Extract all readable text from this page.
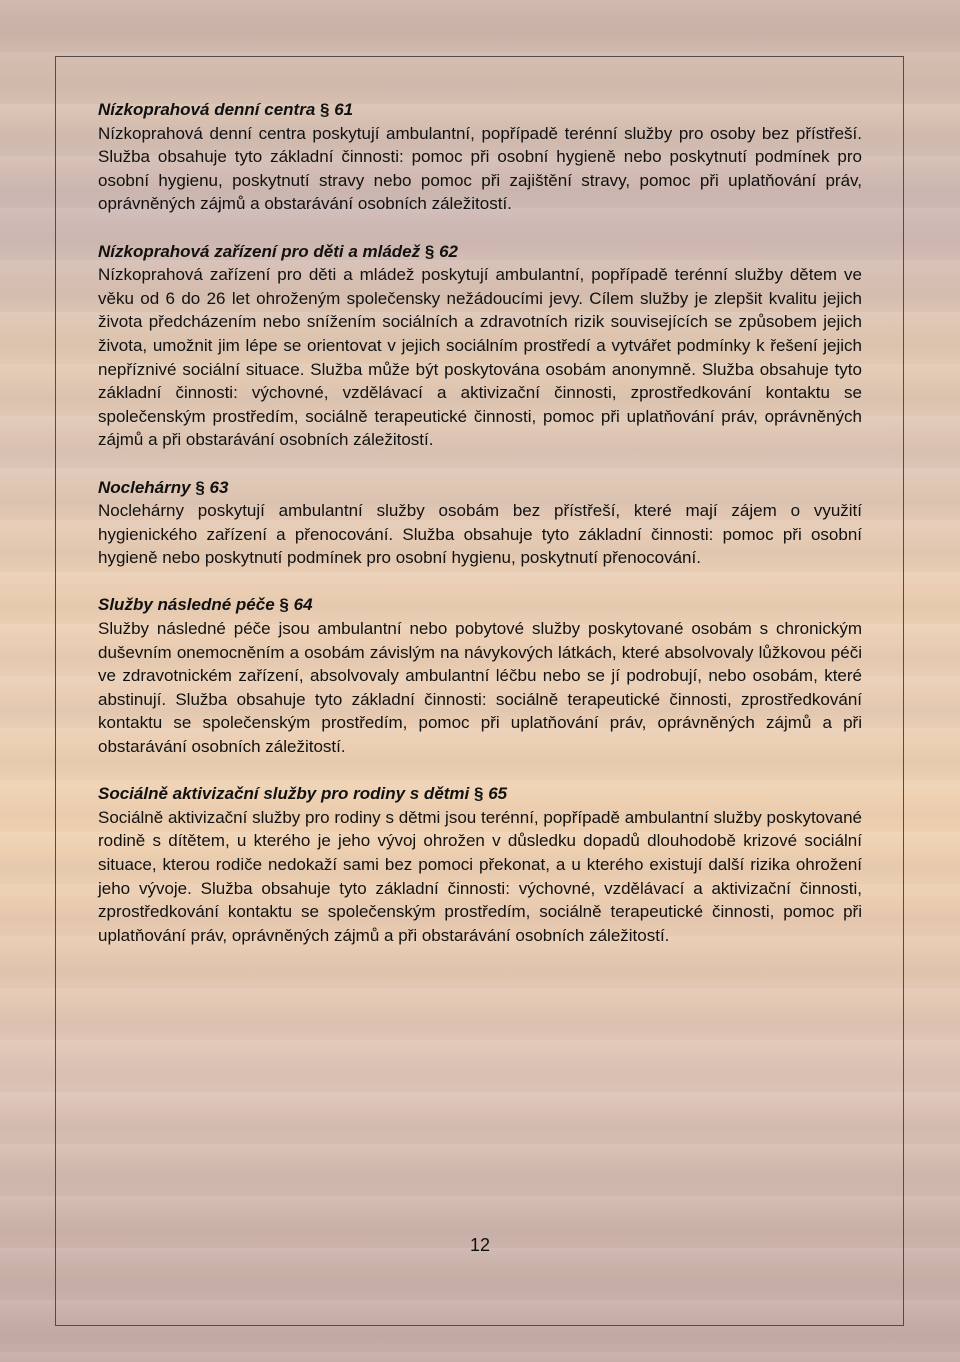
Nízkoprahová denní centra § 61

Nízkoprahová denní centra poskytují ambulantní, popřípadě terénní služby pro osoby bez přístřeší. Služba obsahuje tyto základní činnosti: pomoc při osobní hygieně nebo poskytnutí podmínek pro osobní hygienu, poskytnutí stravy nebo pomoc při zajištění stravy, pomoc při uplatňování práv, oprávněných zájmů a obstarávání osobních záležitostí.

Nízkoprahová zařízení pro děti a mládež § 62

Nízkoprahová zařízení pro děti a mládež poskytují ambulantní, popřípadě terénní služby dětem ve věku od 6 do 26 let ohroženým společensky nežádoucími jevy. Cílem služby je zlepšit kvalitu jejich života předcházením nebo snížením sociálních a zdravotních rizik souvisejících se způsobem jejich života, umožnit jim lépe se orientovat v jejich sociálním prostředí a vytvářet podmínky k řešení jejich nepříznivé sociální situace. Služba může být poskytována osobám anonymně. Služba obsahuje tyto základní činnosti: výchovné, vzdělávací a aktivizační činnosti, zprostředkování kontaktu se společenským prostředím, sociálně terapeutické činnosti, pomoc při uplatňování práv, oprávněných zájmů a při obstarávání osobních záležitostí.

Noclehárny § 63

Noclehárny poskytují ambulantní služby osobám bez přístřeší, které mají zájem o využití hygienického zařízení a přenocování. Služba obsahuje tyto základní činnosti: pomoc při osobní hygieně nebo poskytnutí podmínek pro osobní hygienu, poskytnutí přenocování.

Služby následné péče § 64

Služby následné péče jsou ambulantní nebo pobytové služby poskytované osobám s chronickým duševním onemocněním a osobám závislým na návykových látkách, které absolvovaly lůžkovou péči ve zdravotnickém zařízení, absolvovaly ambulantní léčbu nebo se jí podrobují, nebo osobám, které abstinují. Služba obsahuje tyto základní činnosti: sociálně terapeutické činnosti, zprostředkování kontaktu se společenským prostředím, pomoc při uplatňování práv, oprávněných zájmů a při obstarávání osobních záležitostí.

Sociálně aktivizační služby pro rodiny s dětmi § 65

Sociálně aktivizační služby pro rodiny s dětmi jsou terénní, popřípadě ambulantní služby poskytované rodině s dítětem, u kterého je jeho vývoj ohrožen v důsledku dopadů dlouhodobě krizové sociální situace, kterou rodiče nedokaží sami bez pomoci překonat, a u kterého existují další rizika ohrožení jeho vývoje. Služba obsahuje tyto základní činnosti: výchovné, vzdělávací a aktivizační činnosti, zprostředkování kontaktu se společenským prostředím, sociálně terapeutické činnosti, pomoc při uplatňování práv, oprávněných zájmů a při obstarávání osobních záležitostí.

12
